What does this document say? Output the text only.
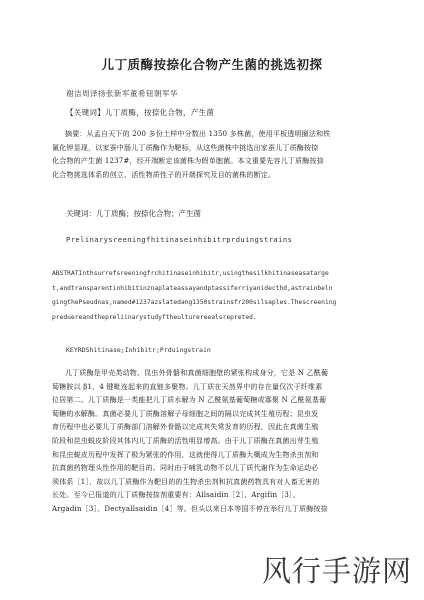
儿丁质酶按捺化合物产生菌的挑选初探
谢洁周泽扬张新军董希钮朝军华
【关键词】儿丁质酶，按捺化合物，产生菌
摘要：从孟自天下的 200 多份土样中分数出 1350 多株菌，使用平板透明圈法和铁
氰化钾显现，以家蚕中肠儿丁质酶作为靶标，从这些菌株中挑选出家蚕儿丁质酶按捺
化合物的产生菌 1237#，经开端断定该菌株为假单胞菌。本文重要先容儿丁质酶按捺
化合物挑选体系的创立、活性物质性子的开端探究及目的菌株的断定。
关键词：儿丁质酶；按捺化合物；产生菌
Prelinarysreeningfhitinaseinhibitrprduingstrains
ABSTRATInthsurrefsreeningfrchitinaseinhibitr,usingthesilkhitinaseasatarge
t,andtransparentinhibitinznaplateassayandptassiferriyanidecthd,astrainbeln
gingthePseudnas,named#1237azslatedang1350strainsfr200silsaples.Thescreening
preduereandthepreliinarystudyftheulturereealsrepreted.
KEYRDShitinase;Inhibitr;Prduingstrain
儿丁质酶是甲壳类动物、昆虫外骨骼和真菌细胞壁的紧张构成身分，它是 N 乙酰葡
萄糖胺以 β1，4 键毗连起来的直链多聚物。儿丁质在天然界中的存在量仅次于纤维素
位居第二。儿丁质酶是一类能把儿丁质水解为 N 乙酰氨基葡萄糖或寡聚 N 乙酰氨基葡
萄糖的水解酶。真菌必要儿丁质酶溶解子母细胞之间的隔以完成其生殖历程；昆虫发
育历程中也必要儿丁质酶部门溶解外骨骼以完成其失常发育的历程，因此在真菌生殖
阶段和昆虫蜕皮阶段其体内儿丁质酶的活性明显增高。由于儿丁质酶在真菌出芽生殖
和昆虫蜕皮历程中发挥了极为紧张的作用，这就使得儿丁质酶大概成为生物杀虫剂和
抗真菌药物理头性作用的靶目的。同时由于哺乳动物不以儿丁质代谢作为生命运动必
须体系［1］，故以儿丁质酶作为靶目的的生物杀虫剂和抗真菌药物具有对人畜无害的
长处。至今已报道的儿丁质酶按捺剂重要有：Allsaidin［2］、Argifin［3］、
Argadin［3］、Dectyallsaidin［4］等。但头以来日本等国不停在举行儿丁质酶按捺
风行手游网
